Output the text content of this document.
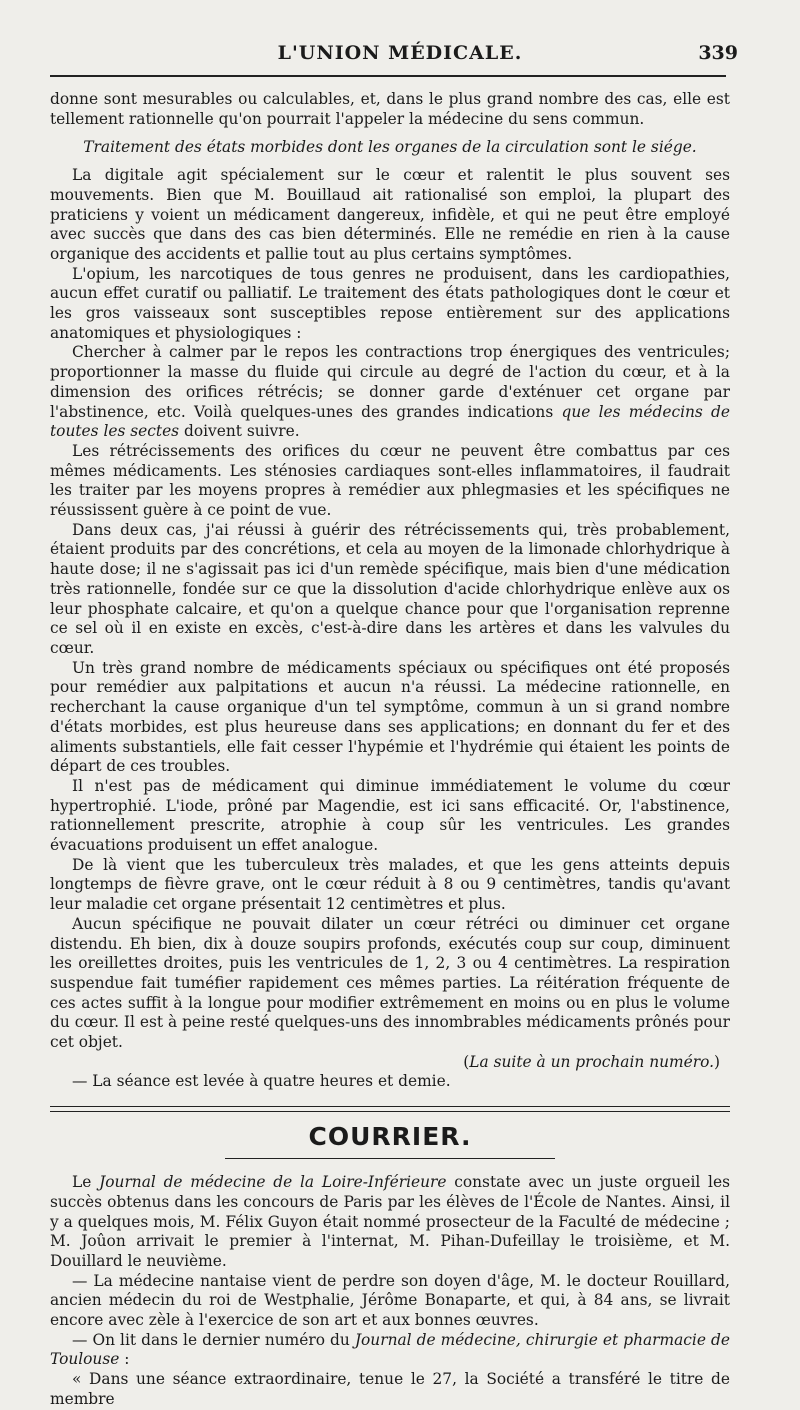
L'UNION MÉDICALE.	339

donne sont mesurables ou calculables, et, dans le plus grand nombre des cas, elle est tellement rationnelle qu'on pourrait l'appeler la médecine du sens commun.

Traitement des états morbides dont les organes de la circulation sont le siége.

La digitale agit spécialement sur le cœur et ralentit le plus souvent ses mouvements. Bien que M. Bouillaud ait rationalisé son emploi, la plupart des praticiens y voient un médicament dangereux, infidèle, et qui ne peut être employé avec succès que dans des cas bien déterminés. Elle ne remédie en rien à la cause organique des accidents et pallie tout au plus certains symptômes.

L'opium, les narcotiques de tous genres ne produisent, dans les cardiopathies, aucun effet curatif ou palliatif. Le traitement des états pathologiques dont le cœur et les gros vaisseaux sont susceptibles repose entièrement sur des applications anatomiques et physiologiques :

Chercher à calmer par le repos les contractions trop énergiques des ventricules; proportionner la masse du fluide qui circule au degré de l'action du cœur, et à la dimension des orifices rétrécis; se donner garde d'exténuer cet organe par l'abstinence, etc. Voilà quelques-unes des grandes indications que les médecins de toutes les sectes doivent suivre.

Les rétrécissements des orifices du cœur ne peuvent être combattus par ces mêmes médicaments. Les sténosies cardiaques sont-elles inflammatoires, il faudrait les traiter par les moyens propres à remédier aux phlegmasies et les spécifiques ne réussissent guère à ce point de vue.

Dans deux cas, j'ai réussi à guérir des rétrécissements qui, très probablement, étaient produits par des concrétions, et cela au moyen de la limonade chlorhydrique à haute dose; il ne s'agissait pas ici d'un remède spécifique, mais bien d'une médication très rationnelle, fondée sur ce que la dissolution d'acide chlorhydrique enlève aux os leur phosphate calcaire, et qu'on a quelque chance pour que l'organisation reprenne ce sel où il en existe en excès, c'est-à-dire dans les artères et dans les valvules du cœur.

Un très grand nombre de médicaments spéciaux ou spécifiques ont été proposés pour remédier aux palpitations et aucun n'a réussi. La médecine rationnelle, en recherchant la cause organique d'un tel symptôme, commun à un si grand nombre d'états morbides, est plus heureuse dans ses applications; en donnant du fer et des aliments substantiels, elle fait cesser l'hypémie et l'hydrémie qui étaient les points de départ de ces troubles.

Il n'est pas de médicament qui diminue immédiatement le volume du cœur hypertrophié. L'iode, prôné par Magendie, est ici sans efficacité. Or, l'abstinence, rationnellement prescrite, atrophie à coup sûr les ventricules. Les grandes évacuations produisent un effet analogue.

De là vient que les tuberculeux très malades, et que les gens atteints depuis longtemps de fièvre grave, ont le cœur réduit à 8 ou 9 centimètres, tandis qu'avant leur maladie cet organe présentait 12 centimètres et plus.

Aucun spécifique ne pouvait dilater un cœur rétréci ou diminuer cet organe distendu. Eh bien, dix à douze soupirs profonds, exécutés coup sur coup, diminuent les oreillettes droites, puis les ventricules de 1, 2, 3 ou 4 centimètres. La respiration suspendue fait tuméfier rapidement ces mêmes parties. La réitération fréquente de ces actes suffit à la longue pour modifier extrêmement en moins ou en plus le volume du cœur. Il est à peine resté quelques-uns des innombrables médicaments prônés pour cet objet.

(La suite à un prochain numéro.)

— La séance est levée à quatre heures et demie.

COURRIER.

Le Journal de médecine de la Loire-Inférieure constate avec un juste orgueil les succès obtenus dans les concours de Paris par les élèves de l'École de Nantes. Ainsi, il y a quelques mois, M. Félix Guyon était nommé prosecteur de la Faculté de médecine ; M. Joûon arrivait le premier à l'internat, M. Pihan-Dufeillay le troisième, et M. Douillard le neuvième.

— La médecine nantaise vient de perdre son doyen d'âge, M. le docteur Rouillard, ancien médecin du roi de Westphalie, Jérôme Bonaparte, et qui, à 84 ans, se livrait encore avec zèle à l'exercice de son art et aux bonnes œuvres.

— On lit dans le dernier numéro du Journal de médecine, chirurgie et pharmacie de Toulouse :

« Dans une séance extraordinaire, tenue le 27, la Société a transféré le titre de membre
